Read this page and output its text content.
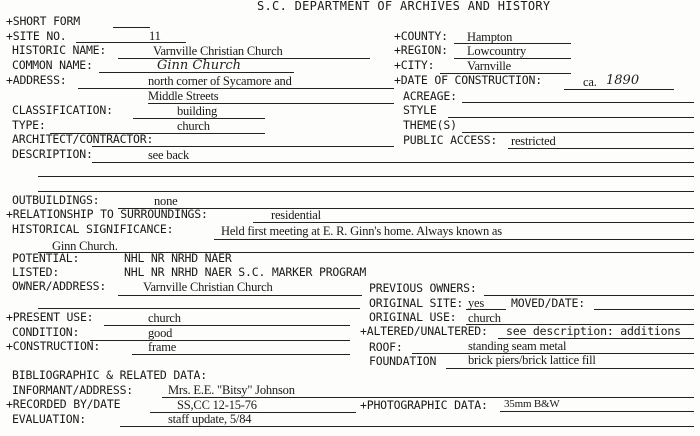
S.C. DEPARTMENT OF ARCHIVES AND HISTORY
+SHORT FORM
+SITE NO.	11	+COUNTY: Hampton
HISTORIC NAME:	Varnville Christian Church	+REGION: Lowcountry
COMMON NAME:	Ginn Church	+CITY:	Varnville
+ADDRESS:	north corner of Sycamore and	+DATE OF CONSTRUCTION:	ca. 1890
Middle Streets	ACREAGE:
CLASSIFICATION:	building	STYLE
TYPE:	church	THEME(S)
ARCHITECT/CONTRACTOR:	PUBLIC ACCESS: restricted
DESCRIPTION:	see back
OUTBUILDINGS:	none
+RELATIONSHIP TO SURROUNDINGS:	residential
HISTORICAL SIGNIFICANCE:	Held first meeting at E. R. Ginn's home. Always known as
Ginn Church.
POTENTIAL:	NHL NR NRHD NAER
LISTED:	NHL NR NRHD NAER S.C. MARKER PROGRAM
OWNER/ADDRESS:	Varnville Christian Church	PREVIOUS OWNERS:
ORIGINAL SITE: yes MOVED/DATE:
+PRESENT USE:	church	ORIGINAL USE: church
CONDITION:	good	+ALTERED/UNALTERED: see description: additions
+CONSTRUCTION:	frame	ROOF:	standing seam metal
FOUNDATION	brick piers/brick lattice fill
BIBLIOGRAPHIC & RELATED DATA:
INFORMANT/ADDRESS:	Mrs. E.E. "Bitsy" Johnson
+RECORDED BY/DATE	SS,CC 12-15-76	+PHOTOGRAPHIC DATA: 35mm B&W
EVALUATION:	staff update, 5/84
